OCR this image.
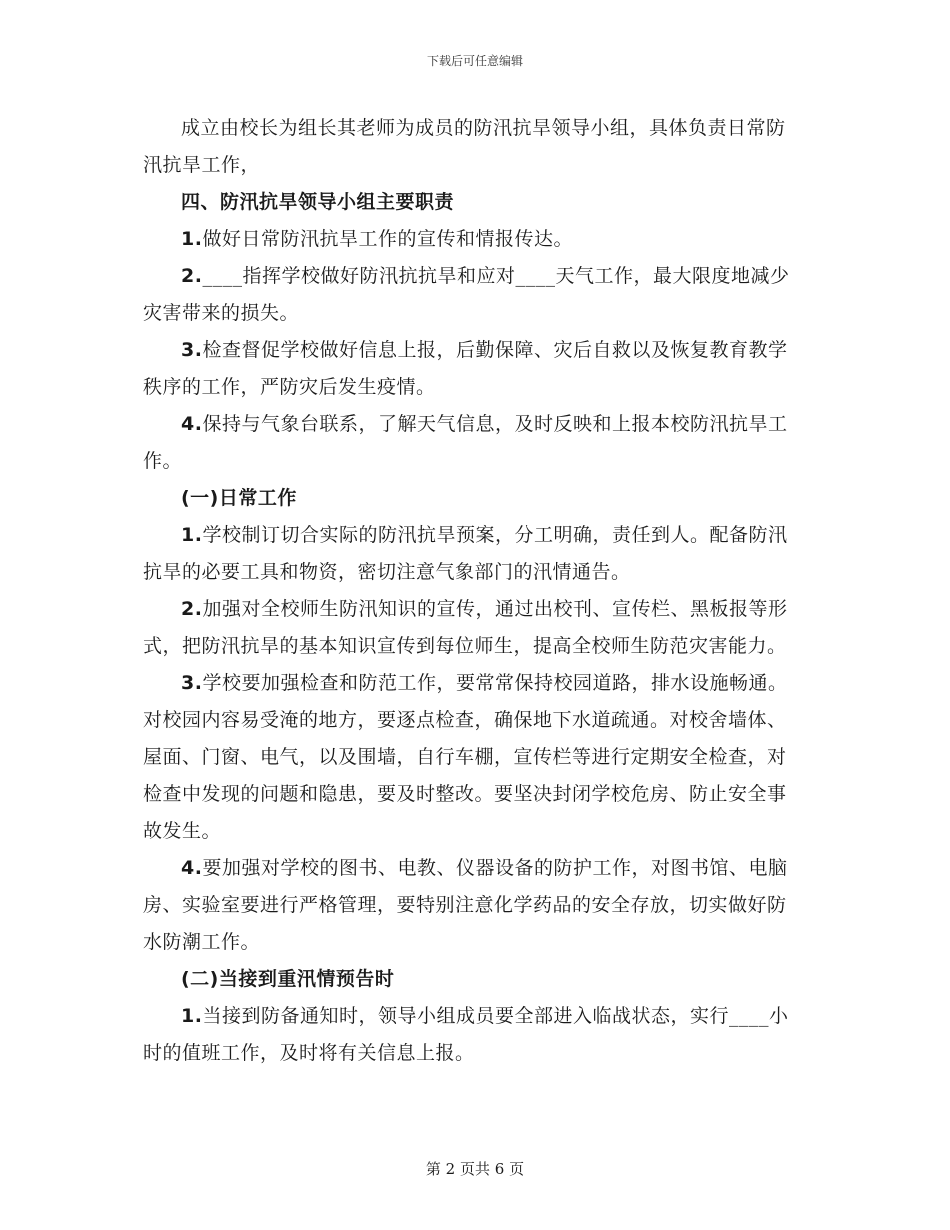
下载后可任意编辑

成立由校长为组长其老师为成员的防汛抗旱领导小组，具体负责日常防汛抗旱工作，

四、防汛抗旱领导小组主要职责

1.做好日常防汛抗旱工作的宣传和情报传达。

2.____指挥学校做好防汛抗抗旱和应对____天气工作，最大限度地减少灾害带来的损失。

3.检查督促学校做好信息上报，后勤保障、灾后自救以及恢复教育教学秩序的工作，严防灾后发生疫情。

4.保持与气象台联系，了解天气信息，及时反映和上报本校防汛抗旱工作。

(一)日常工作

1.学校制订切合实际的防汛抗旱预案，分工明确，责任到人。配备防汛抗旱的必要工具和物资，密切注意气象部门的汛情通告。

2.加强对全校师生防汛知识的宣传，通过出校刊、宣传栏、黑板报等形式，把防汛抗旱的基本知识宣传到每位师生，提高全校师生防范灾害能力。

3.学校要加强检查和防范工作，要常常保持校园道路，排水设施畅通。对校园内容易受淹的地方，要逐点检查，确保地下水道疏通。对校舍墙体、屋面、门窗、电气，以及围墙，自行车棚，宣传栏等进行定期安全检查，对检查中发现的问题和隐患，要及时整改。要坚决封闭学校危房、防止安全事故发生。

4.要加强对学校的图书、电教、仪器设备的防护工作，对图书馆、电脑房、实验室要进行严格管理，要特别注意化学药品的安全存放，切实做好防水防潮工作。

(二)当接到重汛情预告时

1.当接到防备通知时，领导小组成员要全部进入临战状态，实行____小时的值班工作，及时将有关信息上报。

第 2 页共 6 页
